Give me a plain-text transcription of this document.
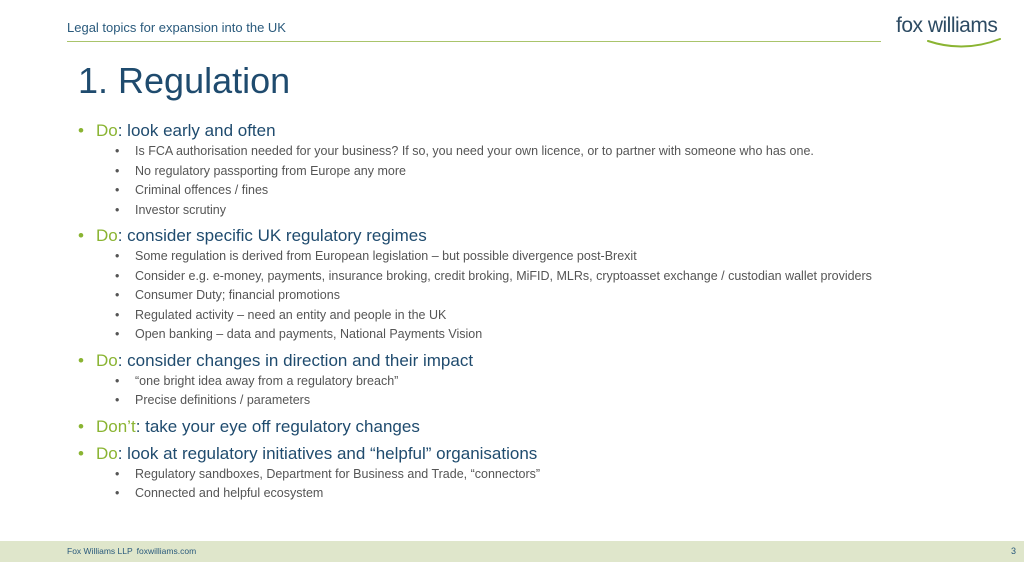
Legal topics for expansion into the UK	fox williams
1. Regulation
• Do: look early and often
• Is FCA authorisation needed for your business? If so, you need your own licence, or to partner with someone who has one.
• No regulatory passporting from Europe any more
• Criminal offences / fines
• Investor scrutiny
• Do: consider specific UK regulatory regimes
• Some regulation is derived from European legislation – but possible divergence post-Brexit
• Consider e.g. e-money, payments, insurance broking, credit broking, MiFID, MLRs, cryptoasset exchange / custodian wallet providers
• Consumer Duty; financial promotions
• Regulated activity – need an entity and people in the UK
• Open banking – data and payments, National Payments Vision
• Do: consider changes in direction and their impact
• “one bright idea away from a regulatory breach”
• Precise definitions / parameters
• Don’t: take your eye off regulatory changes
• Do: look at regulatory initiatives and “helpful” organisations
• Regulatory sandboxes, Department for Business and Trade, “connectors”
• Connected and helpful ecosystem
Fox Williams LLP foxwilliams.com	3
